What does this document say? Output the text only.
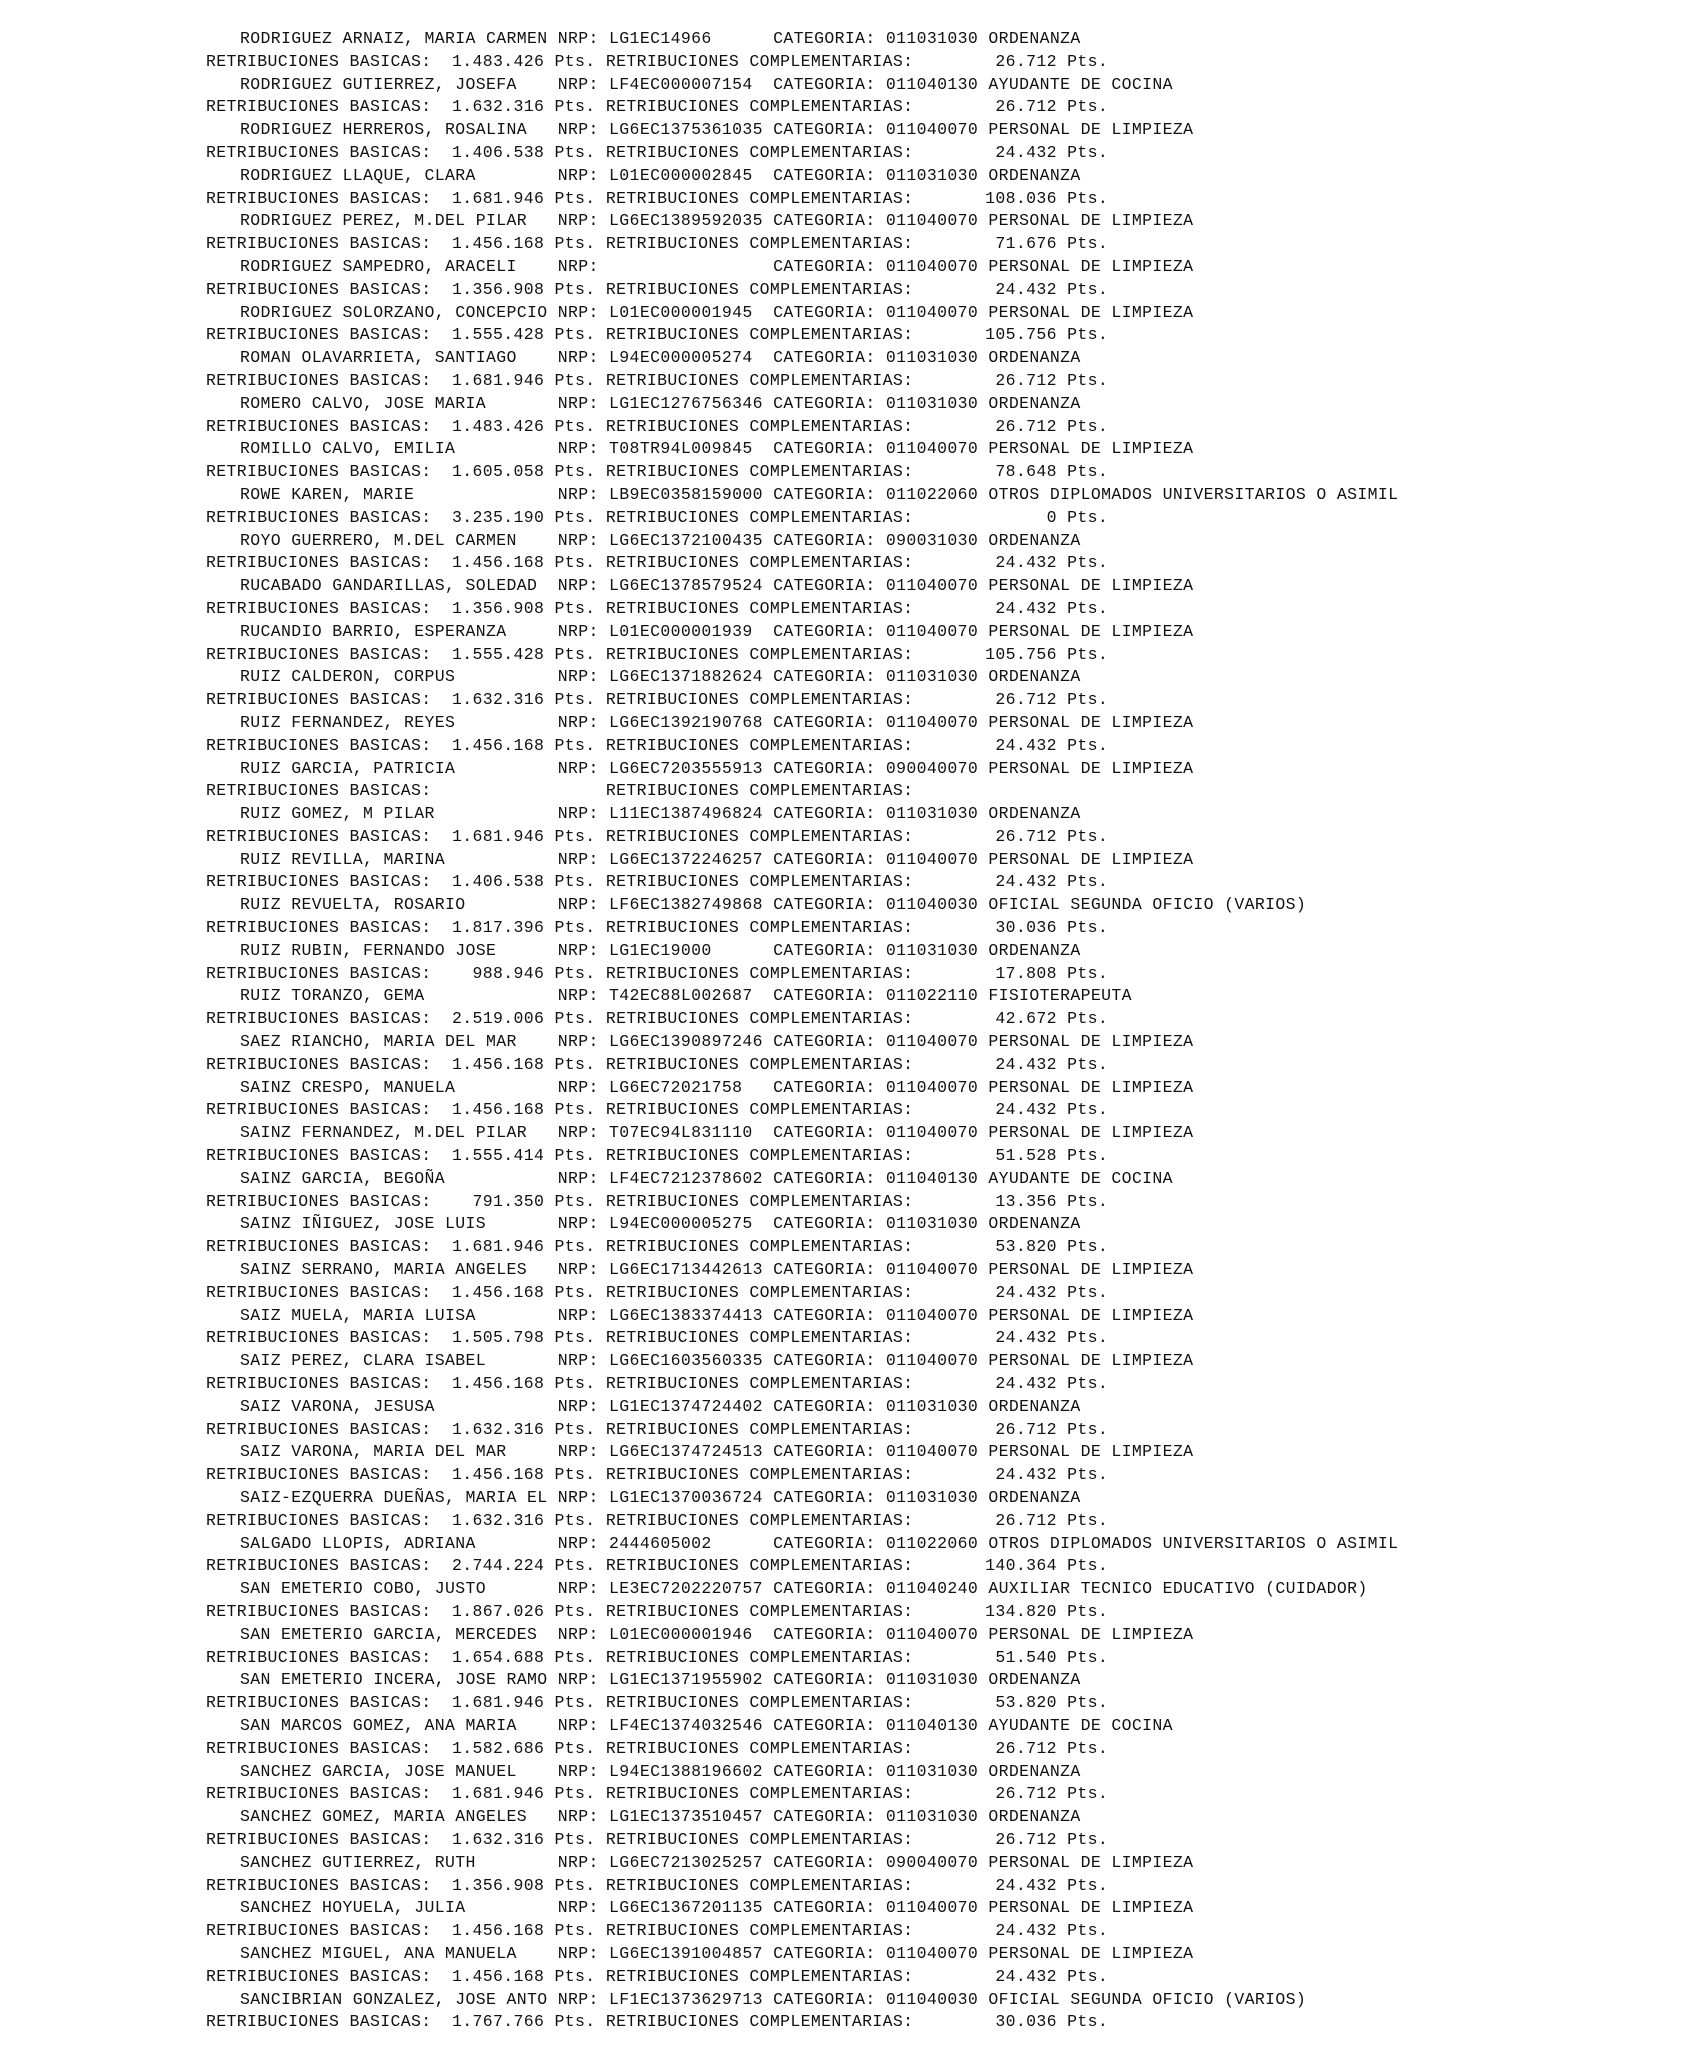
RODRIGUEZ ARNAIZ, MARIA CARMEN NRP: LG1EC14966      CATEGORIA: 011031030 ORDENANZA
RETRIBUCIONES BASICAS:  1.483.426 Pts. RETRIBUCIONES COMPLEMENTARIAS:        26.712 Pts.
RODRIGUEZ GUTIERREZ, JOSEFA    NRP: LF4EC000007154  CATEGORIA: 011040130 AYUDANTE DE COCINA
RETRIBUCIONES BASICAS:  1.632.316 Pts. RETRIBUCIONES COMPLEMENTARIAS:        26.712 Pts.
RODRIGUEZ HERREROS, ROSALINA   NRP: LG6EC1375361035 CATEGORIA: 011040070 PERSONAL DE LIMPIEZA
RETRIBUCIONES BASICAS:  1.406.538 Pts. RETRIBUCIONES COMPLEMENTARIAS:        24.432 Pts.
RODRIGUEZ LLAQUE, CLARA        NRP: L01EC000002845  CATEGORIA: 011031030 ORDENANZA
RETRIBUCIONES BASICAS:  1.681.946 Pts. RETRIBUCIONES COMPLEMENTARIAS:       108.036 Pts.
RODRIGUEZ PEREZ, M.DEL PILAR   NRP: LG6EC1389592035 CATEGORIA: 011040070 PERSONAL DE LIMPIEZA
RETRIBUCIONES BASICAS:  1.456.168 Pts. RETRIBUCIONES COMPLEMENTARIAS:        71.676 Pts.
RODRIGUEZ SAMPEDRO, ARACELI    NRP:                 CATEGORIA: 011040070 PERSONAL DE LIMPIEZA
RETRIBUCIONES BASICAS:  1.356.908 Pts. RETRIBUCIONES COMPLEMENTARIAS:        24.432 Pts.
RODRIGUEZ SOLORZANO, CONCEPCIO NRP: L01EC000001945  CATEGORIA: 011040070 PERSONAL DE LIMPIEZA
RETRIBUCIONES BASICAS:  1.555.428 Pts. RETRIBUCIONES COMPLEMENTARIAS:       105.756 Pts.
ROMAN OLAVARRIETA, SANTIAGO    NRP: L94EC000005274  CATEGORIA: 011031030 ORDENANZA
RETRIBUCIONES BASICAS:  1.681.946 Pts. RETRIBUCIONES COMPLEMENTARIAS:        26.712 Pts.
ROMERO CALVO, JOSE MARIA       NRP: LG1EC1276756346 CATEGORIA: 011031030 ORDENANZA
RETRIBUCIONES BASICAS:  1.483.426 Pts. RETRIBUCIONES COMPLEMENTARIAS:        26.712 Pts.
ROMILLO CALVO, EMILIA          NRP: T08TR94L009845  CATEGORIA: 011040070 PERSONAL DE LIMPIEZA
RETRIBUCIONES BASICAS:  1.605.058 Pts. RETRIBUCIONES COMPLEMENTARIAS:        78.648 Pts.
ROWE KAREN, MARIE              NRP: LB9EC0358159000 CATEGORIA: 011022060 OTROS DIPLOMADOS UNIVERSITARIOS O ASIMIL
RETRIBUCIONES BASICAS:  3.235.190 Pts. RETRIBUCIONES COMPLEMENTARIAS:             0 Pts.
ROYO GUERRERO, M.DEL CARMEN    NRP: LG6EC1372100435 CATEGORIA: 090031030 ORDENANZA
RETRIBUCIONES BASICAS:  1.456.168 Pts. RETRIBUCIONES COMPLEMENTARIAS:        24.432 Pts.
RUCABADO GANDARILLAS, SOLEDAD  NRP: LG6EC1378579524 CATEGORIA: 011040070 PERSONAL DE LIMPIEZA
RETRIBUCIONES BASICAS:  1.356.908 Pts. RETRIBUCIONES COMPLEMENTARIAS:        24.432 Pts.
RUCANDIO BARRIO, ESPERANZA     NRP: L01EC000001939  CATEGORIA: 011040070 PERSONAL DE LIMPIEZA
RETRIBUCIONES BASICAS:  1.555.428 Pts. RETRIBUCIONES COMPLEMENTARIAS:       105.756 Pts.
RUIZ CALDERON, CORPUS          NRP: LG6EC1371882624 CATEGORIA: 011031030 ORDENANZA
RETRIBUCIONES BASICAS:  1.632.316 Pts. RETRIBUCIONES COMPLEMENTARIAS:        26.712 Pts.
RUIZ FERNANDEZ, REYES          NRP: LG6EC1392190768 CATEGORIA: 011040070 PERSONAL DE LIMPIEZA
RETRIBUCIONES BASICAS:  1.456.168 Pts. RETRIBUCIONES COMPLEMENTARIAS:        24.432 Pts.
RUIZ GARCIA, PATRICIA          NRP: LG6EC7203555913 CATEGORIA: 090040070 PERSONAL DE LIMPIEZA
RETRIBUCIONES BASICAS:                 RETRIBUCIONES COMPLEMENTARIAS:
RUIZ GOMEZ, M PILAR            NRP: L11EC1387496824 CATEGORIA: 011031030 ORDENANZA
RETRIBUCIONES BASICAS:  1.681.946 Pts. RETRIBUCIONES COMPLEMENTARIAS:        26.712 Pts.
RUIZ REVILLA, MARINA           NRP: LG6EC1372246257 CATEGORIA: 011040070 PERSONAL DE LIMPIEZA
RETRIBUCIONES BASICAS:  1.406.538 Pts. RETRIBUCIONES COMPLEMENTARIAS:        24.432 Pts.
RUIZ REVUELTA, ROSARIO         NRP: LF6EC1382749868 CATEGORIA: 011040030 OFICIAL SEGUNDA OFICIO (VARIOS)
RETRIBUCIONES BASICAS:  1.817.396 Pts. RETRIBUCIONES COMPLEMENTARIAS:        30.036 Pts.
RUIZ RUBIN, FERNANDO JOSE      NRP: LG1EC19000      CATEGORIA: 011031030 ORDENANZA
RETRIBUCIONES BASICAS:    988.946 Pts. RETRIBUCIONES COMPLEMENTARIAS:        17.808 Pts.
RUIZ TORANZO, GEMA             NRP: T42EC88L002687  CATEGORIA: 011022110 FISIOTERAPEUTA
RETRIBUCIONES BASICAS:  2.519.006 Pts. RETRIBUCIONES COMPLEMENTARIAS:        42.672 Pts.
SAEZ RIANCHO, MARIA DEL MAR    NRP: LG6EC1390897246 CATEGORIA: 011040070 PERSONAL DE LIMPIEZA
RETRIBUCIONES BASICAS:  1.456.168 Pts. RETRIBUCIONES COMPLEMENTARIAS:        24.432 Pts.
SAINZ CRESPO, MANUELA          NRP: LG6EC72021758   CATEGORIA: 011040070 PERSONAL DE LIMPIEZA
RETRIBUCIONES BASICAS:  1.456.168 Pts. RETRIBUCIONES COMPLEMENTARIAS:        24.432 Pts.
SAINZ FERNANDEZ, M.DEL PILAR   NRP: T07EC94L831110  CATEGORIA: 011040070 PERSONAL DE LIMPIEZA
RETRIBUCIONES BASICAS:  1.555.414 Pts. RETRIBUCIONES COMPLEMENTARIAS:        51.528 Pts.
SAINZ GARCIA, BEGOÑA           NRP: LF4EC7212378602 CATEGORIA: 011040130 AYUDANTE DE COCINA
RETRIBUCIONES BASICAS:    791.350 Pts. RETRIBUCIONES COMPLEMENTARIAS:        13.356 Pts.
SAINZ IÑIGUEZ, JOSE LUIS       NRP: L94EC000005275  CATEGORIA: 011031030 ORDENANZA
RETRIBUCIONES BASICAS:  1.681.946 Pts. RETRIBUCIONES COMPLEMENTARIAS:        53.820 Pts.
SAINZ SERRANO, MARIA ANGELES   NRP: LG6EC1713442613 CATEGORIA: 011040070 PERSONAL DE LIMPIEZA
RETRIBUCIONES BASICAS:  1.456.168 Pts. RETRIBUCIONES COMPLEMENTARIAS:        24.432 Pts.
SAIZ MUELA, MARIA LUISA        NRP: LG6EC1383374413 CATEGORIA: 011040070 PERSONAL DE LIMPIEZA
RETRIBUCIONES BASICAS:  1.505.798 Pts. RETRIBUCIONES COMPLEMENTARIAS:        24.432 Pts.
SAIZ PEREZ, CLARA ISABEL       NRP: LG6EC1603560335 CATEGORIA: 011040070 PERSONAL DE LIMPIEZA
RETRIBUCIONES BASICAS:  1.456.168 Pts. RETRIBUCIONES COMPLEMENTARIAS:        24.432 Pts.
SAIZ VARONA, JESUSA            NRP: LG1EC1374724402 CATEGORIA: 011031030 ORDENANZA
RETRIBUCIONES BASICAS:  1.632.316 Pts. RETRIBUCIONES COMPLEMENTARIAS:        26.712 Pts.
SAIZ VARONA, MARIA DEL MAR     NRP: LG6EC1374724513 CATEGORIA: 011040070 PERSONAL DE LIMPIEZA
RETRIBUCIONES BASICAS:  1.456.168 Pts. RETRIBUCIONES COMPLEMENTARIAS:        24.432 Pts.
SAIZ-EZQUERRA DUEÑAS, MARIA EL NRP: LG1EC1370036724 CATEGORIA: 011031030 ORDENANZA
RETRIBUCIONES BASICAS:  1.632.316 Pts. RETRIBUCIONES COMPLEMENTARIAS:        26.712 Pts.
SALGADO LLOPIS, ADRIANA        NRP: 2444605002      CATEGORIA: 011022060 OTROS DIPLOMADOS UNIVERSITARIOS O ASIMIL
RETRIBUCIONES BASICAS:  2.744.224 Pts. RETRIBUCIONES COMPLEMENTARIAS:       140.364 Pts.
SAN EMETERIO COBO, JUSTO       NRP: LE3EC7202220757 CATEGORIA: 011040240 AUXILIAR TECNICO EDUCATIVO (CUIDADOR)
RETRIBUCIONES BASICAS:  1.867.026 Pts. RETRIBUCIONES COMPLEMENTARIAS:       134.820 Pts.
SAN EMETERIO GARCIA, MERCEDES  NRP: L01EC000001946  CATEGORIA: 011040070 PERSONAL DE LIMPIEZA
RETRIBUCIONES BASICAS:  1.654.688 Pts. RETRIBUCIONES COMPLEMENTARIAS:        51.540 Pts.
SAN EMETERIO INCERA, JOSE RAMO NRP: LG1EC1371955902 CATEGORIA: 011031030 ORDENANZA
RETRIBUCIONES BASICAS:  1.681.946 Pts. RETRIBUCIONES COMPLEMENTARIAS:        53.820 Pts.
SAN MARCOS GOMEZ, ANA MARIA    NRP: LF4EC1374032546 CATEGORIA: 011040130 AYUDANTE DE COCINA
RETRIBUCIONES BASICAS:  1.582.686 Pts. RETRIBUCIONES COMPLEMENTARIAS:        26.712 Pts.
SANCHEZ GARCIA, JOSE MANUEL    NRP: L94EC1388196602 CATEGORIA: 011031030 ORDENANZA
RETRIBUCIONES BASICAS:  1.681.946 Pts. RETRIBUCIONES COMPLEMENTARIAS:        26.712 Pts.
SANCHEZ GOMEZ, MARIA ANGELES   NRP: LG1EC1373510457 CATEGORIA: 011031030 ORDENANZA
RETRIBUCIONES BASICAS:  1.632.316 Pts. RETRIBUCIONES COMPLEMENTARIAS:        26.712 Pts.
SANCHEZ GUTIERREZ, RUTH        NRP: LG6EC7213025257 CATEGORIA: 090040070 PERSONAL DE LIMPIEZA
RETRIBUCIONES BASICAS:  1.356.908 Pts. RETRIBUCIONES COMPLEMENTARIAS:        24.432 Pts.
SANCHEZ HOYUELA, JULIA         NRP: LG6EC1367201135 CATEGORIA: 011040070 PERSONAL DE LIMPIEZA
RETRIBUCIONES BASICAS:  1.456.168 Pts. RETRIBUCIONES COMPLEMENTARIAS:        24.432 Pts.
SANCHEZ MIGUEL, ANA MANUELA    NRP: LG6EC1391004857 CATEGORIA: 011040070 PERSONAL DE LIMPIEZA
RETRIBUCIONES BASICAS:  1.456.168 Pts. RETRIBUCIONES COMPLEMENTARIAS:        24.432 Pts.
SANCIBRIAN GONZALEZ, JOSE ANTO NRP: LF1EC1373629713 CATEGORIA: 011040030 OFICIAL SEGUNDA OFICIO (VARIOS)
RETRIBUCIONES BASICAS:  1.767.766 Pts. RETRIBUCIONES COMPLEMENTARIAS:        30.036 Pts.
